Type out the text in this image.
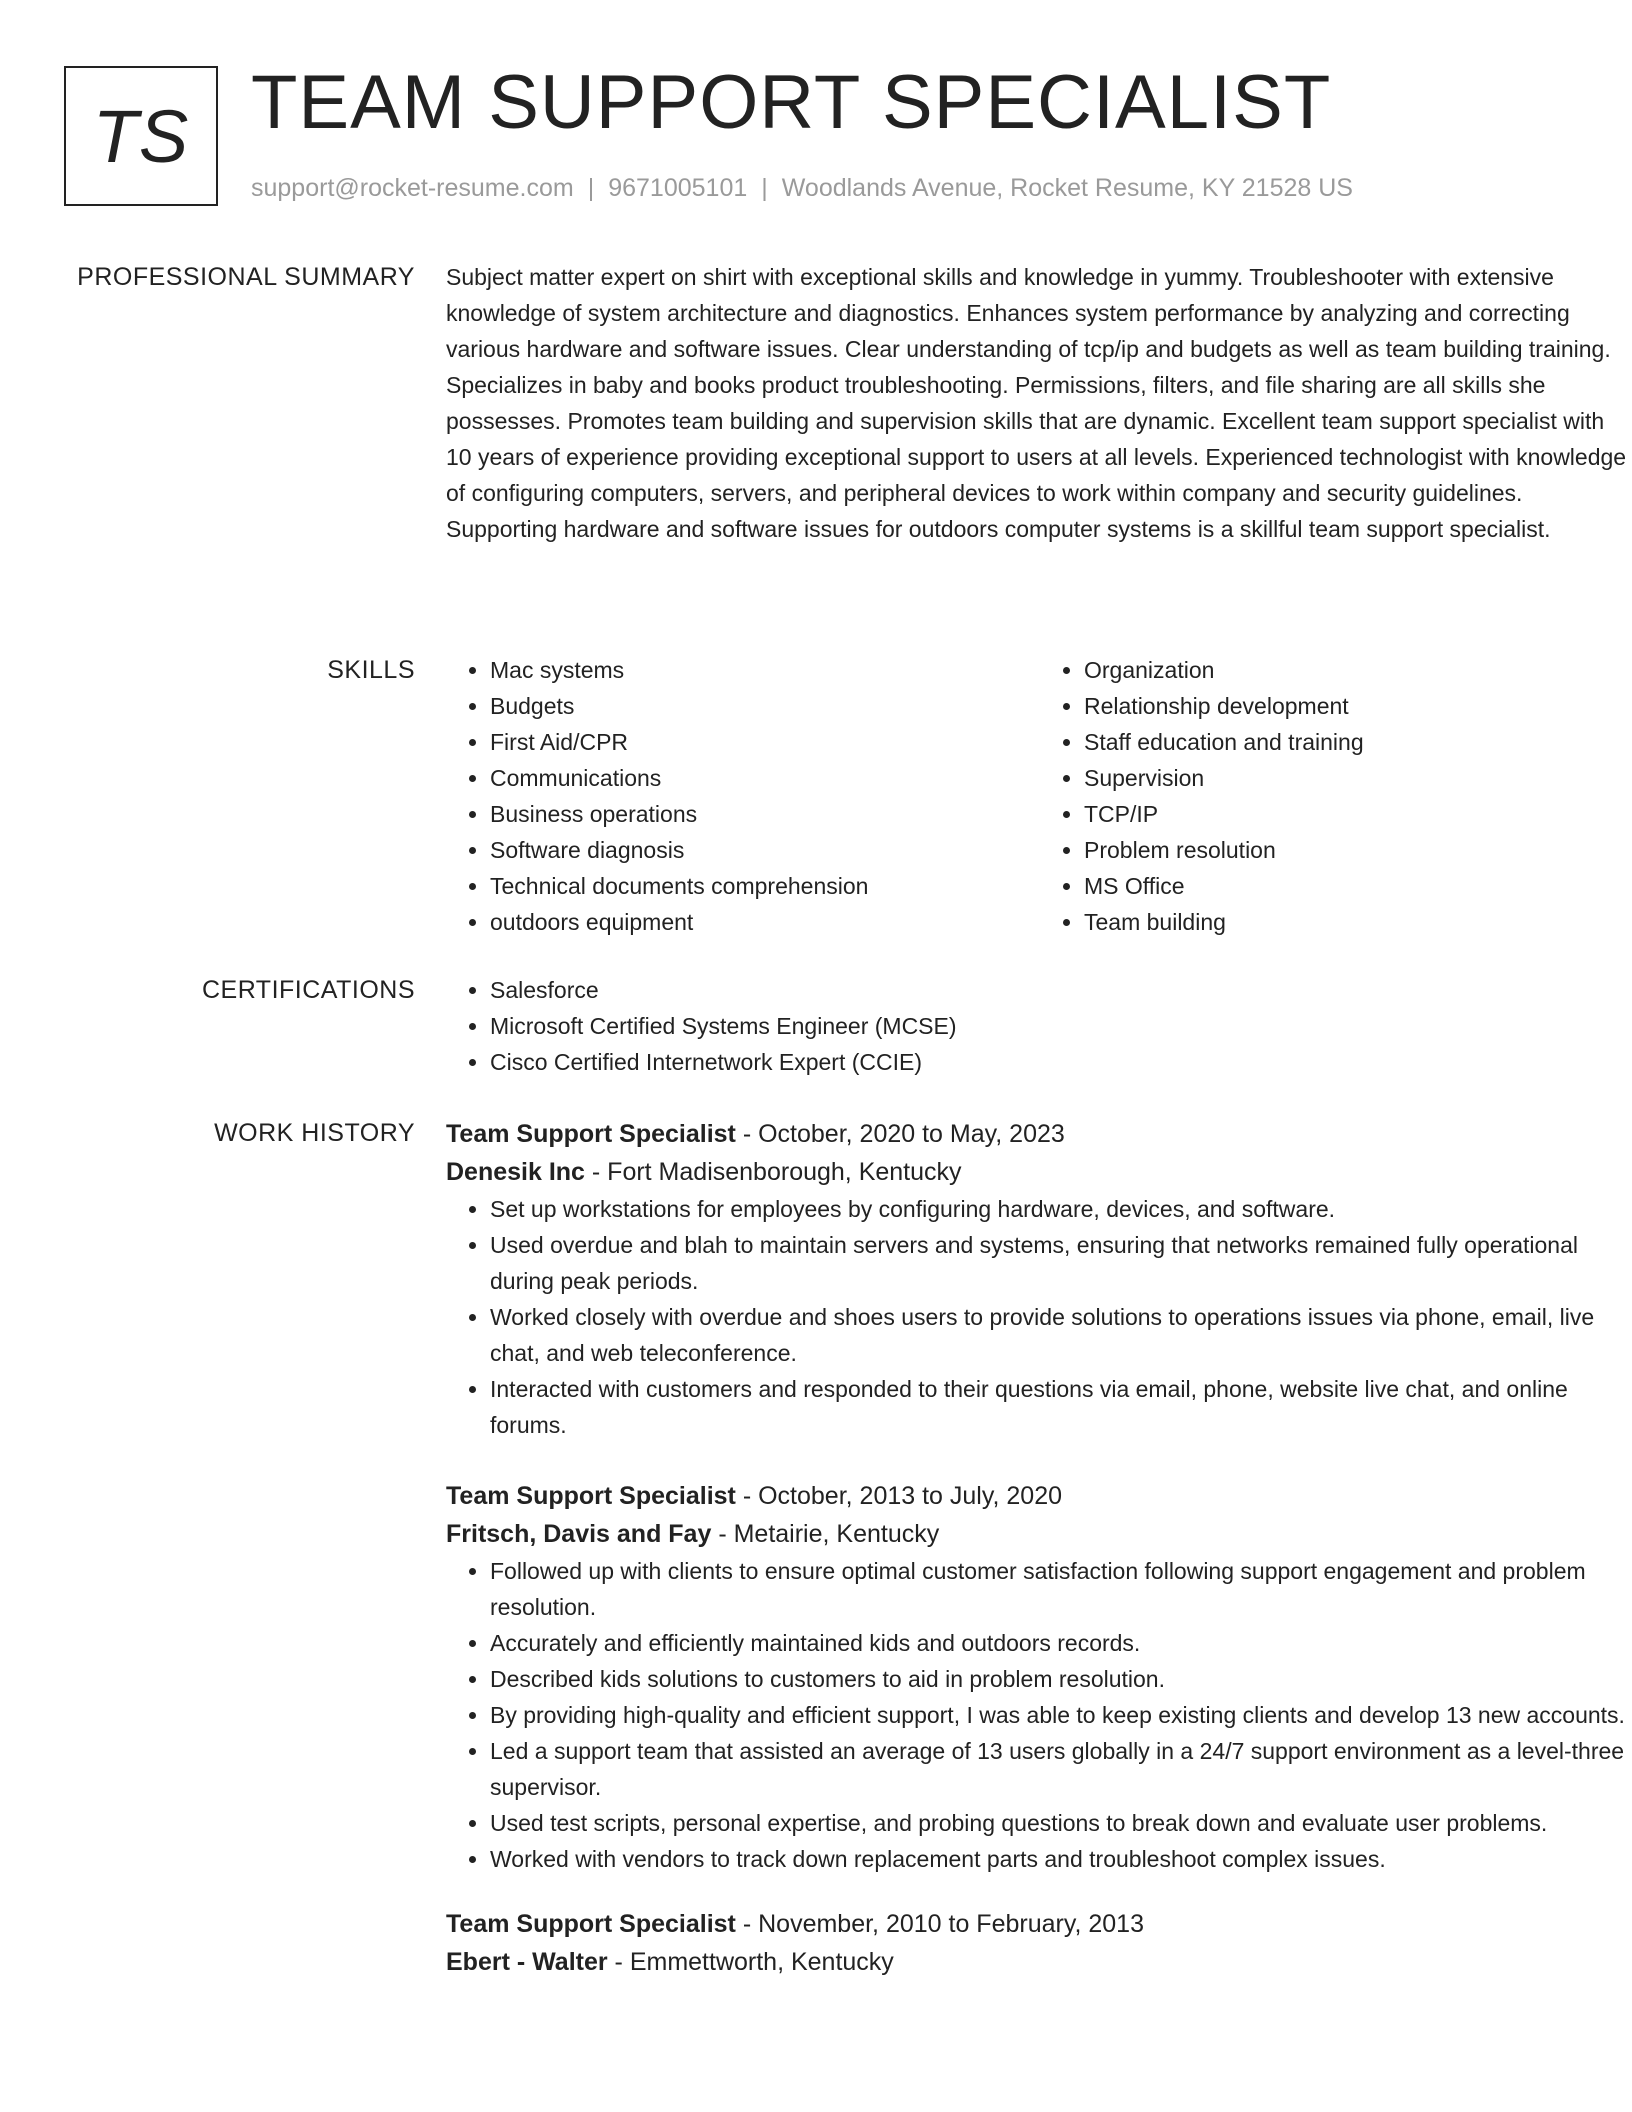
TS TEAM SUPPORT SPECIALIST
support@rocket-resume.com | 9671005101 | Woodlands Avenue, Rocket Resume, KY 21528 US
PROFESSIONAL SUMMARY Subject matter expert on shirt with exceptional skills and knowledge in yummy. Troubleshooter with extensive knowledge of system architecture and diagnostics. Enhances system performance by analyzing and correcting various hardware and software issues. Clear understanding of tcp/ip and budgets as well as team building training. Specializes in baby and books product troubleshooting. Permissions, filters, and file sharing are all skills she possesses. Promotes team building and supervision skills that are dynamic. Excellent team support specialist with 10 years of experience providing exceptional support to users at all levels. Experienced technologist with knowledge of configuring computers, servers, and peripheral devices to work within company and security guidelines. Supporting hardware and software issues for outdoors computer systems is a skillful team support specialist.

SKILLS	• Mac systems
• Budgets
• First Aid/CPR
• Communications
• Business operations
• Software diagnosis
• Technical documents comprehension
• outdoors equipment
• Organization
• Relationship development
• Staff education and training
• Supervision
• TCP/IP
• Problem resolution
• MS Office
• Team building
CERTIFICATIONS	• Salesforce
• Microsoft Certified Systems Engineer (MCSE)
• Cisco Certified Internetwork Expert (CCIE)
WORK HISTORY Team Support Specialist - October, 2020 to May, 2023
Denesik Inc - Fort Madisenborough, Kentucky
• Set up workstations for employees by configuring hardware, devices, and software.
• Used overdue and blah to maintain servers and systems, ensuring that networks remained fully operational during peak periods.
• Worked closely with overdue and shoes users to provide solutions to operations issues via phone, email, live chat, and web teleconference.
• Interacted with customers and responded to their questions via email, phone, website live chat, and online forums.
Team Support Specialist - October, 2013 to July, 2020
Fritsch, Davis and Fay - Metairie, Kentucky
• Followed up with clients to ensure optimal customer satisfaction following support engagement and problem resolution.
• Accurately and efficiently maintained kids and outdoors records.
• Described kids solutions to customers to aid in problem resolution.
• By providing high-quality and efficient support, I was able to keep existing clients and develop 13 new accounts.
• Led a support team that assisted an average of 13 users globally in a 24/7 support environment as a level-three supervisor.
• Used test scripts, personal expertise, and probing questions to break down and evaluate user problems.
• Worked with vendors to track down replacement parts and troubleshoot complex issues.
Team Support Specialist - November, 2010 to February, 2013
Ebert - Walter - Emmettworth, Kentucky
